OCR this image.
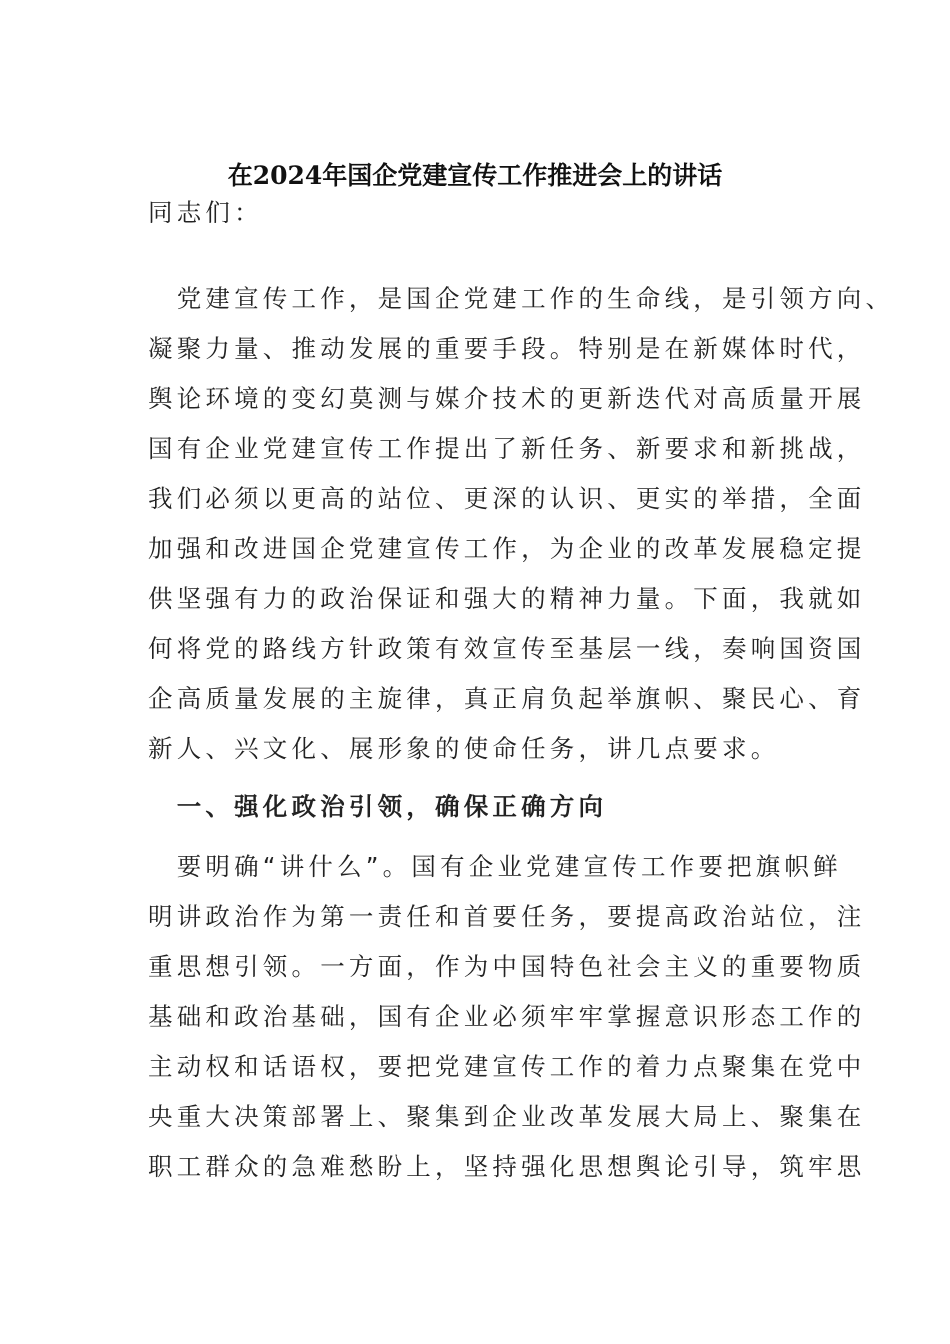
在2024年国企党建宣传工作推进会上的讲话
同志们：
　党建宣传工作，是国企党建工作的生命线，是引领方向、
凝聚力量、推动发展的重要手段。特别是在新媒体时代，
舆论环境的变幻莫测与媒介技术的更新迭代对高质量开展
国有企业党建宣传工作提出了新任务、新要求和新挑战，
我们必须以更高的站位、更深的认识、更实的举措，全面
加强和改进国企党建宣传工作，为企业的改革发展稳定提
供坚强有力的政治保证和强大的精神力量。下面，我就如
何将党的路线方针政策有效宣传至基层一线，奏响国资国
企高质量发展的主旋律，真正肩负起举旗帜、聚民心、育
新人、兴文化、展形象的使命任务，讲几点要求。
　一、强化政治引领，确保正确方向
　要明确“讲什么”。国有企业党建宣传工作要把旗帜鲜
明讲政治作为第一责任和首要任务，要提高政治站位，注
重思想引领。一方面，作为中国特色社会主义的重要物质
基础和政治基础，国有企业必须牢牢掌握意识形态工作的
主动权和话语权，要把党建宣传工作的着力点聚集在党中
央重大决策部署上、聚集到企业改革发展大局上、聚集在
职工群众的急难愁盼上，坚持强化思想舆论引导，筑牢思
